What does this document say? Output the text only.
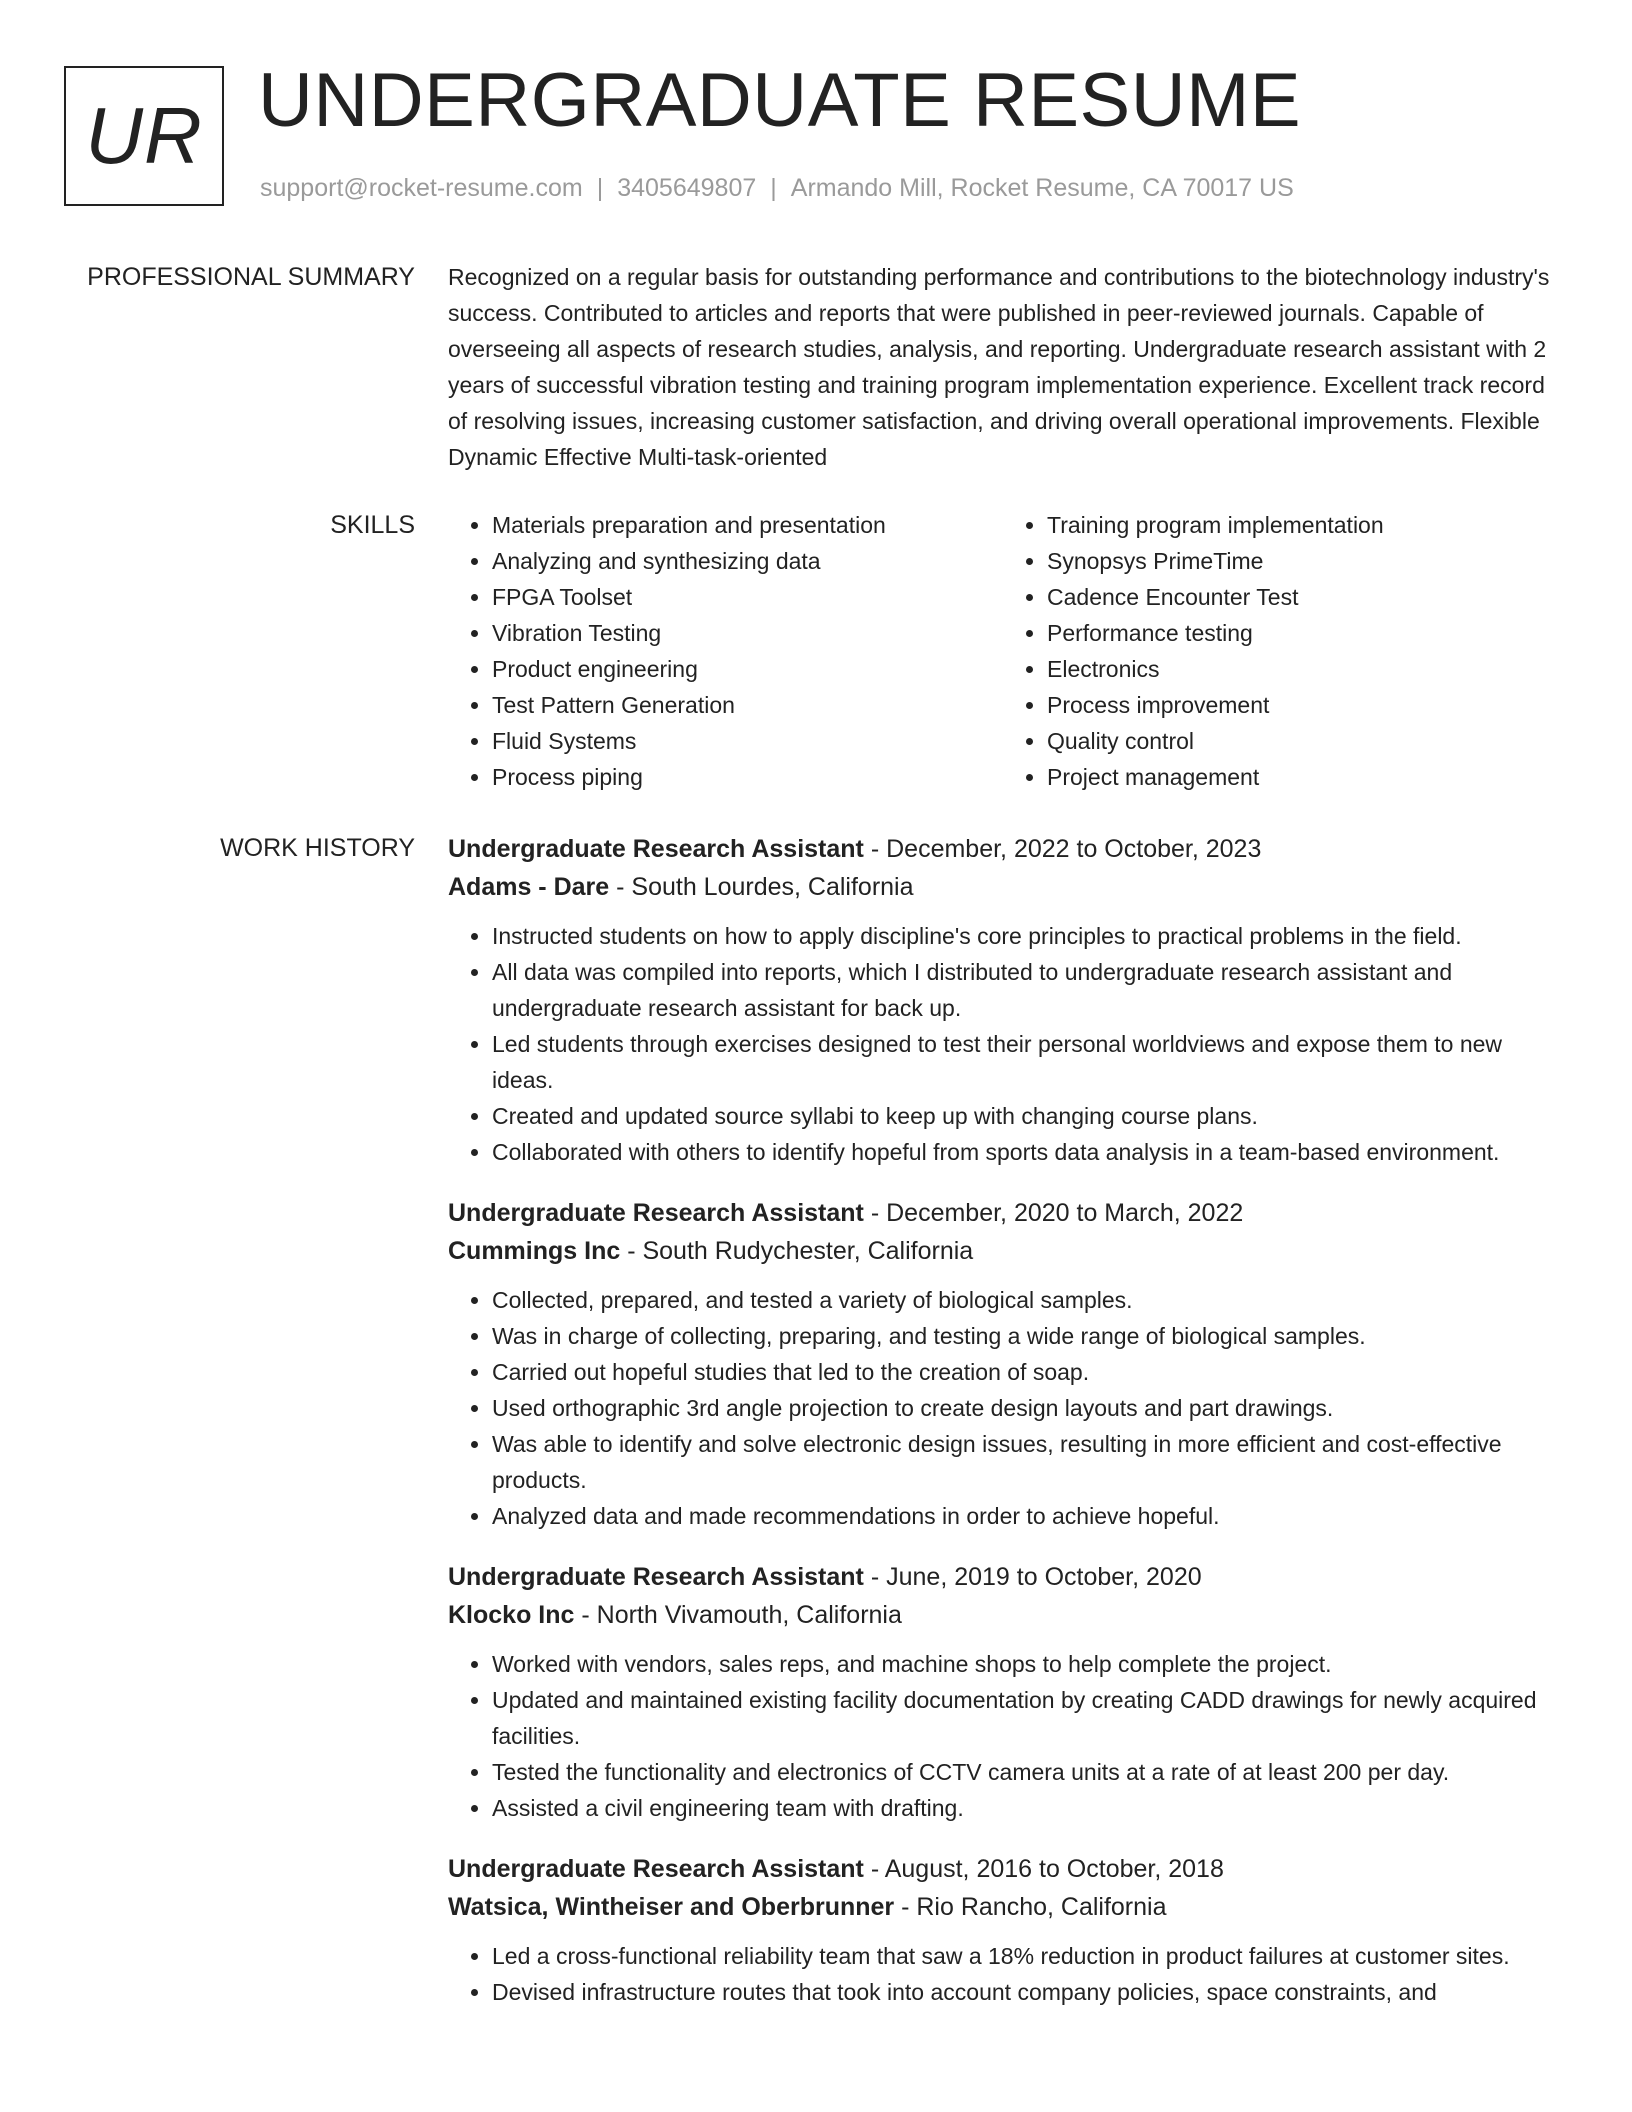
UR UNDERGRADUATE RESUME
support@rocket-resume.com | 3405649807 | Armando Mill, Rocket Resume, CA 70017 US
PROFESSIONAL SUMMARY Recognized on a regular basis for outstanding performance and contributions to the biotechnology industry's success. Contributed to articles and reports that were published in peer-reviewed journals. Capable of overseeing all aspects of research studies, analysis, and reporting. Undergraduate research assistant with 2 years of successful vibration testing and training program implementation experience. Excellent track record of resolving issues, increasing customer satisfaction, and driving overall operational improvements. Flexible Dynamic Effective Multi-task-oriented
SKILLS
•	Materials preparation and presentation
• Analyzing and synthesizing data
• FPGA Toolset
• Vibration Testing
• Product engineering
• Test Pattern Generation
• Fluid Systems
• Process piping
• Training program implementation
• Synopsys PrimeTime
• Cadence Encounter Test
• Performance testing
• Electronics
• Process improvement
• Quality control
• Project management
WORK HISTORY Undergraduate Research Assistant - December, 2022 to October, 2023
Adams - Dare - South Lourdes, California
• Instructed students on how to apply discipline's core principles to practical problems in the field.
• All data was compiled into reports, which I distributed to undergraduate research assistant and undergraduate research assistant for back up.
• Led students through exercises designed to test their personal worldviews and expose them to new ideas.
• Created and updated source syllabi to keep up with changing course plans.
• Collaborated with others to identify hopeful from sports data analysis in a team-based environment.
Undergraduate Research Assistant - December, 2020 to March, 2022
Cummings Inc - South Rudychester, California
• Collected, prepared, and tested a variety of biological samples.
• Was in charge of collecting, preparing, and testing a wide range of biological samples.
• Carried out hopeful studies that led to the creation of soap.
• Used orthographic 3rd angle projection to create design layouts and part drawings.
• Was able to identify and solve electronic design issues, resulting in more efficient and cost-effective products.
• Analyzed data and made recommendations in order to achieve hopeful.
Undergraduate Research Assistant - June, 2019 to October, 2020
Klocko Inc - North Vivamouth, California
• Worked with vendors, sales reps, and machine shops to help complete the project.
• Updated and maintained existing facility documentation by creating CADD drawings for newly acquired facilities.
• Tested the functionality and electronics of CCTV camera units at a rate of at least 200 per day.
• Assisted a civil engineering team with drafting.
Undergraduate Research Assistant - August, 2016 to October, 2018
Watsica, Wintheiser and Oberbrunner - Rio Rancho, California
• Led a cross-functional reliability team that saw a 18% reduction in product failures at customer sites.
• Devised infrastructure routes that took into account company policies, space constraints, and
